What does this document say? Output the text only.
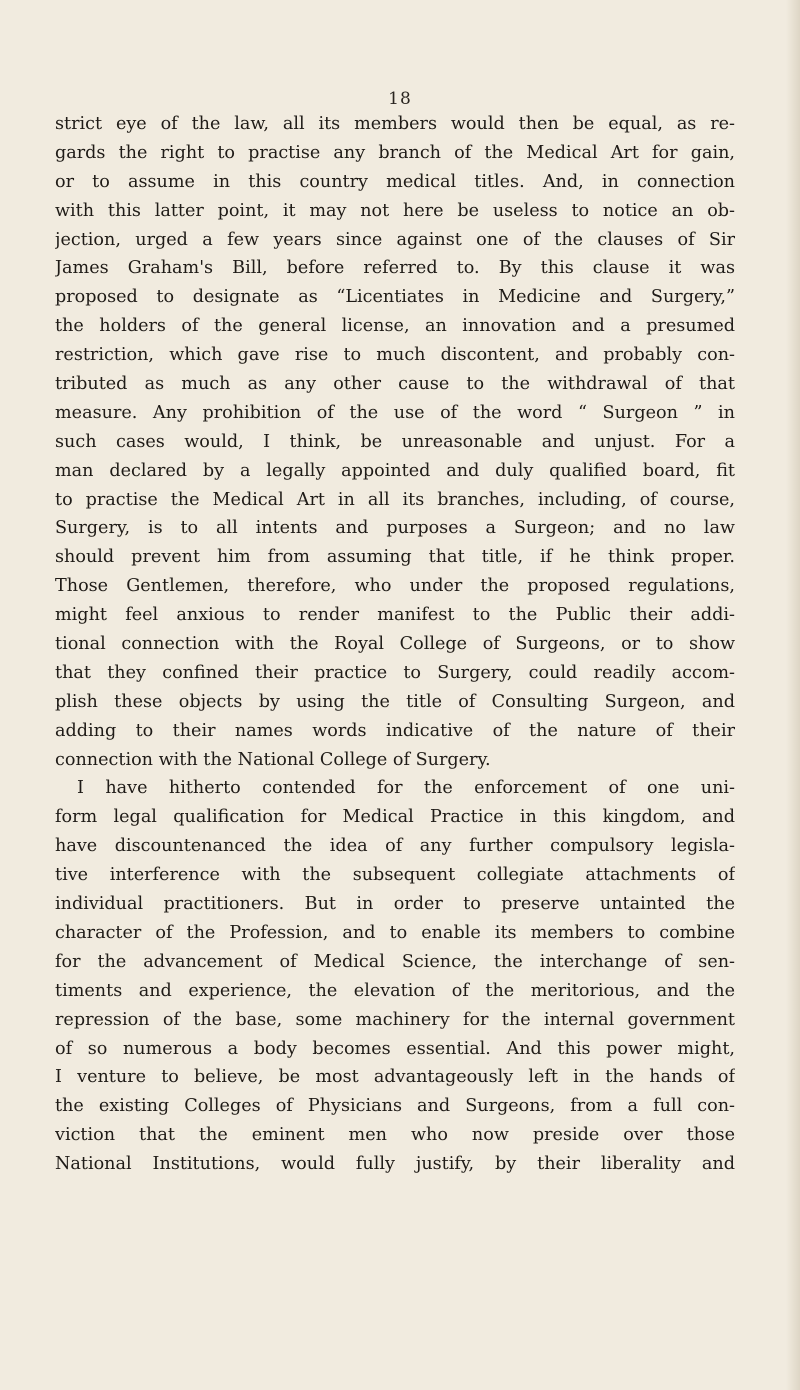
18
strict eye of the law, all its members would then be equal, as re-
gards the right to practise any branch of the Medical Art for gain,
or to assume in this country medical titles. And, in connection
with this latter point, it may not here be useless to notice an ob-
jection, urged a few years since against one of the clauses of Sir
James Graham's Bill, before referred to. By this clause it was
proposed to designate as “Licentiates in Medicine and Surgery,”
the holders of the general license, an innovation and a presumed
restriction, which gave rise to much discontent, and probably con-
tributed as much as any other cause to the withdrawal of that
measure. Any prohibition of the use of the word “ Surgeon ” in
such cases would, I think, be unreasonable and unjust. For a
man declared by a legally appointed and duly qualified board, fit
to practise the Medical Art in all its branches, including, of course,
Surgery, is to all intents and purposes a Surgeon; and no law
should prevent him from assuming that title, if he think proper.
Those Gentlemen, therefore, who under the proposed regulations,
might feel anxious to render manifest to the Public their addi-
tional connection with the Royal College of Surgeons, or to show
that they confined their practice to Surgery, could readily accom-
plish these objects by using the title of Consulting Surgeon, and
adding to their names words indicative of the nature of their
connection with the National College of Surgery.
I have hitherto contended for the enforcement of one uni-
form legal qualification for Medical Practice in this kingdom, and
have discountenanced the idea of any further compulsory legisla-
tive interference with the subsequent collegiate attachments of
individual practitioners. But in order to preserve untainted the
character of the Profession, and to enable its members to combine
for the advancement of Medical Science, the interchange of sen-
timents and experience, the elevation of the meritorious, and the
repression of the base, some machinery for the internal government
of so numerous a body becomes essential. And this power might,
I venture to believe, be most advantageously left in the hands of
the existing Colleges of Physicians and Surgeons, from a full con-
viction that the eminent men who now preside over those
National Institutions, would fully justify, by their liberality and
